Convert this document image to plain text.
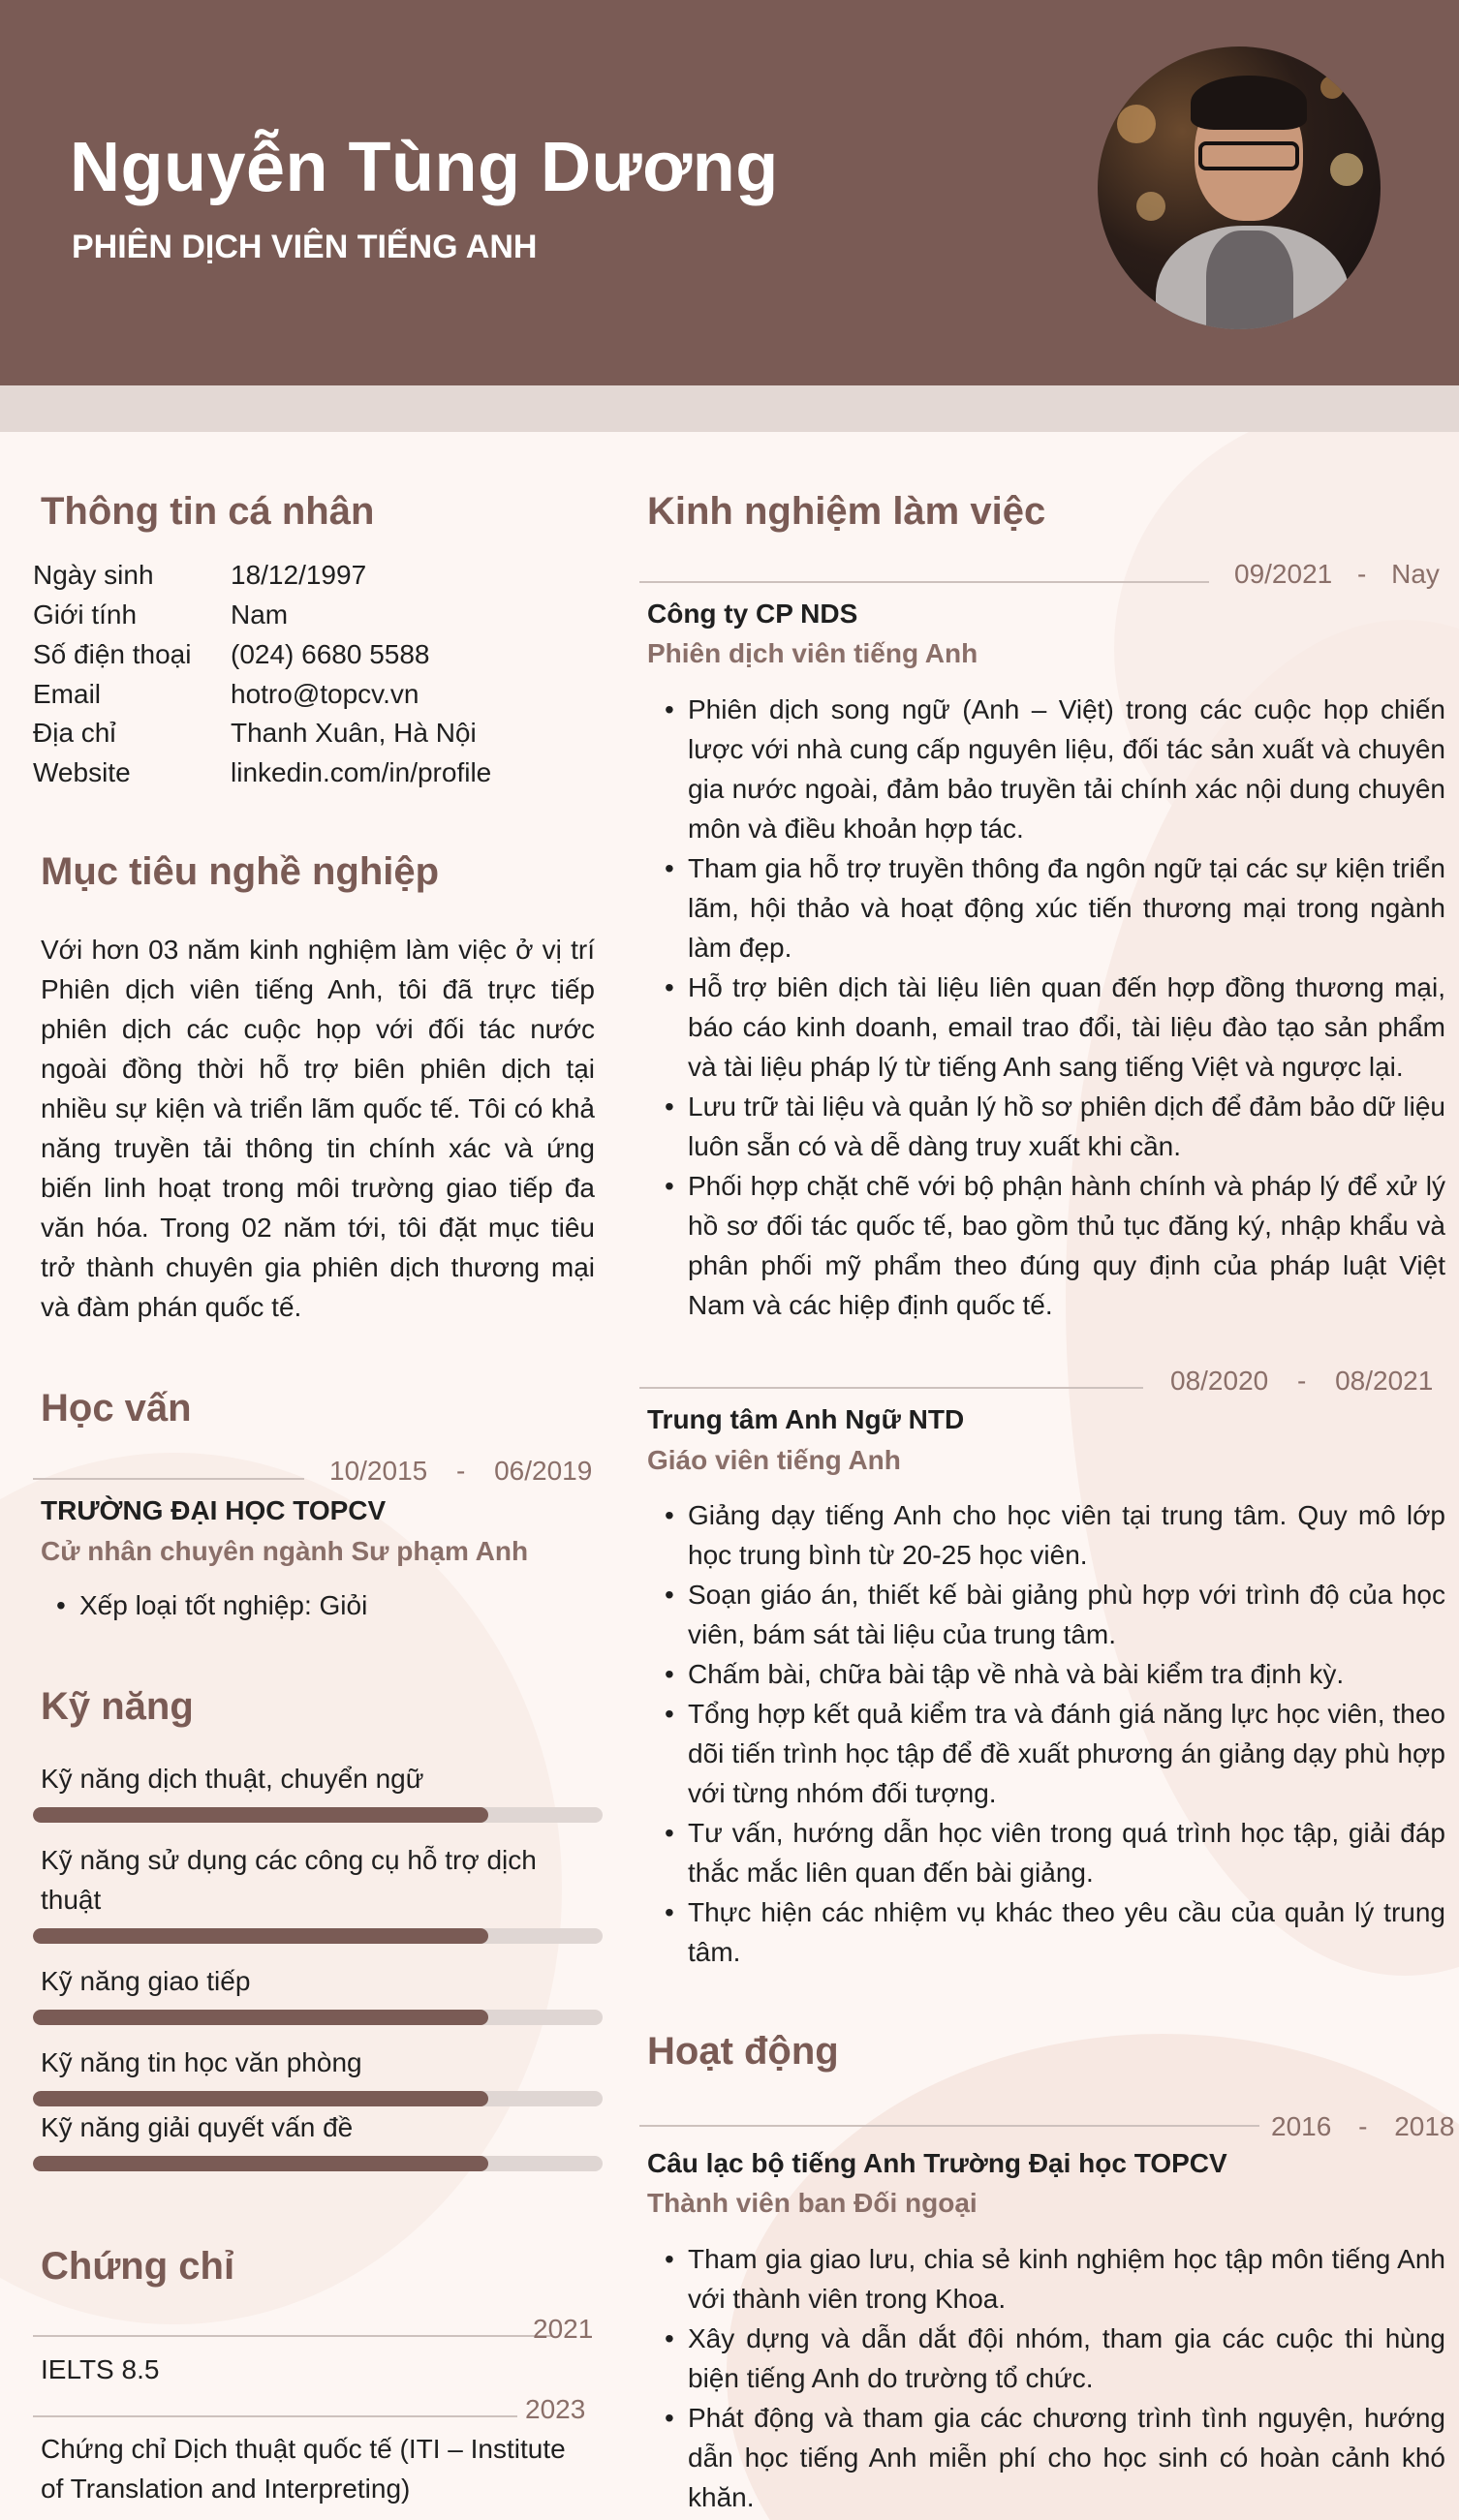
Nguyễn Tùng Dương
PHIÊN DỊCH VIÊN TIẾNG ANH
Thông tin cá nhân
Ngày sinh	18/12/1997
Giới tính	Nam
Số điện thoại (024) 6680 5588
Email	hotro@topcv.vn
Địa chỉ	Thanh Xuân, Hà Nội
Website	linkedin.com/in/profile
Mục tiêu nghề nghiệp
Với hơn 03 năm kinh nghiệm làm việc ở vị trí Phiên dịch viên tiếng Anh, tôi đã trực tiếp phiên dịch các cuộc họp với đối tác nước ngoài đồng thời hỗ trợ biên phiên dịch tại nhiều sự kiện và triển lãm quốc tế. Tôi có khả năng truyền tải thông tin chính xác và ứng biến linh hoạt trong môi trường giao tiếp đa văn hóa. Trong 02 năm tới, tôi đặt mục tiêu trở thành chuyên gia phiên dịch thương mại và đàm phán quốc tế.
Học vấn
10/2015 - 06/2019
TRƯỜNG ĐẠI HỌC TOPCV
Cử nhân chuyên ngành Sư phạm Anh
• Xếp loại tốt nghiệp: Giỏi
Kỹ năng
Kỹ năng dịch thuật, chuyển ngữ
Kỹ năng sử dụng các công cụ hỗ trợ dịch thuật
Kỹ năng giao tiếp
Kỹ năng tin học văn phòng
Kỹ năng giải quyết vấn đề
Chứng chỉ
2021
IELTS 8.5
2023
Chứng chỉ Dịch thuật quốc tế (ITI – Institute of Translation and Interpreting)
Kinh nghiệm làm việc
09/2021 - Nay
Công ty CP NDS
Phiên dịch viên tiếng Anh
• Phiên dịch song ngữ (Anh – Việt) trong các cuộc họp chiến lược với nhà cung cấp nguyên liệu, đối tác sản xuất và chuyên gia nước ngoài, đảm bảo truyền tải chính xác nội dung chuyên môn và điều khoản hợp tác.
• Tham gia hỗ trợ truyền thông đa ngôn ngữ tại các sự kiện triển lãm, hội thảo và hoạt động xúc tiến thương mại trong ngành làm đẹp.
• Hỗ trợ biên dịch tài liệu liên quan đến hợp đồng thương mại, báo cáo kinh doanh, email trao đổi, tài liệu đào tạo sản phẩm và tài liệu pháp lý từ tiếng Anh sang tiếng Việt và ngược lại.
• Lưu trữ tài liệu và quản lý hồ sơ phiên dịch để đảm bảo dữ liệu luôn sẵn có và dễ dàng truy xuất khi cần.
• Phối hợp chặt chẽ với bộ phận hành chính và pháp lý để xử lý hồ sơ đối tác quốc tế, bao gồm thủ tục đăng ký, nhập khẩu và phân phối mỹ phẩm theo đúng quy định của pháp luật Việt Nam và các hiệp định quốc tế.
08/2020 - 08/2021
Trung tâm Anh Ngữ NTD
Giáo viên tiếng Anh
• Giảng dạy tiếng Anh cho học viên tại trung tâm. Quy mô lớp học trung bình từ 20-25 học viên.
• Soạn giáo án, thiết kế bài giảng phù hợp với trình độ của học viên, bám sát tài liệu của trung tâm.
• Chấm bài, chữa bài tập về nhà và bài kiểm tra định kỳ.
• Tổng hợp kết quả kiểm tra và đánh giá năng lực học viên, theo dõi tiến trình học tập để đề xuất phương án giảng dạy phù hợp với từng nhóm đối tượng.
• Tư vấn, hướng dẫn học viên trong quá trình học tập, giải đáp thắc mắc liên quan đến bài giảng.
• Thực hiện các nhiệm vụ khác theo yêu cầu của quản lý trung tâm.
Hoạt động
2016 - 2018
Câu lạc bộ tiếng Anh Trường Đại học TOPCV
Thành viên ban Đối ngoại
• Tham gia giao lưu, chia sẻ kinh nghiệm học tập môn tiếng Anh với thành viên trong Khoa.
• Xây dựng và dẫn dắt đội nhóm, tham gia các cuộc thi hùng biện tiếng Anh do trường tổ chức.
• Phát động và tham gia các chương trình tình nguyện, hướng dẫn học tiếng Anh miễn phí cho học sinh có hoàn cảnh khó khăn.
